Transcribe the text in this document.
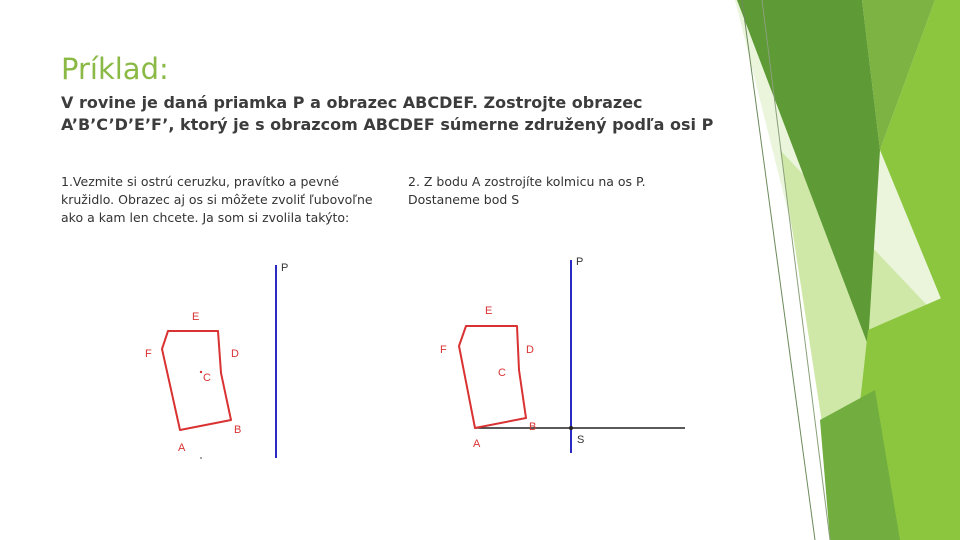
Príklad:

V rovine je daná priamka P a obrazec ABCDEF. Zostrojte obrazec
A’B’C’D’E’F’, ktorý je s obrazcom ABCDEF súmerne združený podľa osi P

1.Vezmite si ostrú ceruzku, pravítko a pevné
kružidlo. Obrazec aj os si môžete zvoliť ľubovoľne
ako a kam len chcete. Ja som si zvolila takýto:

2. Z bodu A zostrojíte kolmicu na os P.
Dostaneme bod S

P
E
F	D
C
B
A
P
E
F	D
C
B
A	S
